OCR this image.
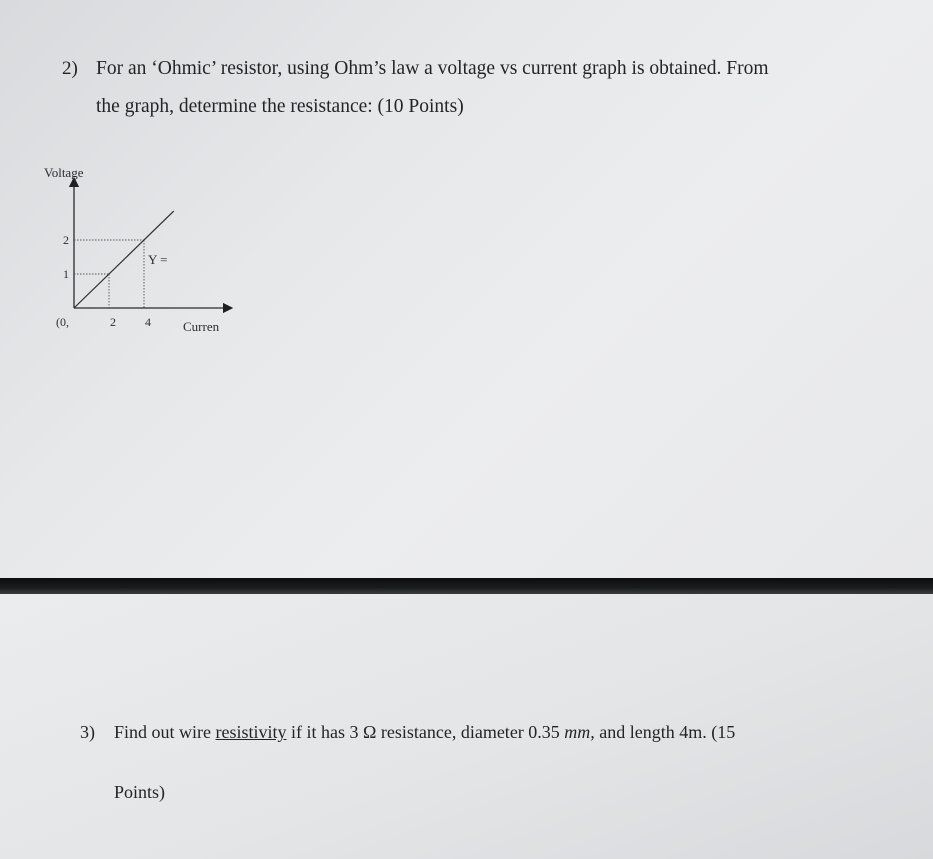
2) For an ‘Ohmic’ resistor, using Ohm’s law a voltage vs current graph is obtained. From
the graph, determine the resistance: (10 Points)
Voltage
Curren
(0,	2 4
1
2
Y =
3) Find out wire resistivity if it has 3 Ω resistance, diameter 0.35 mm, and length 4m. (15
Points)
